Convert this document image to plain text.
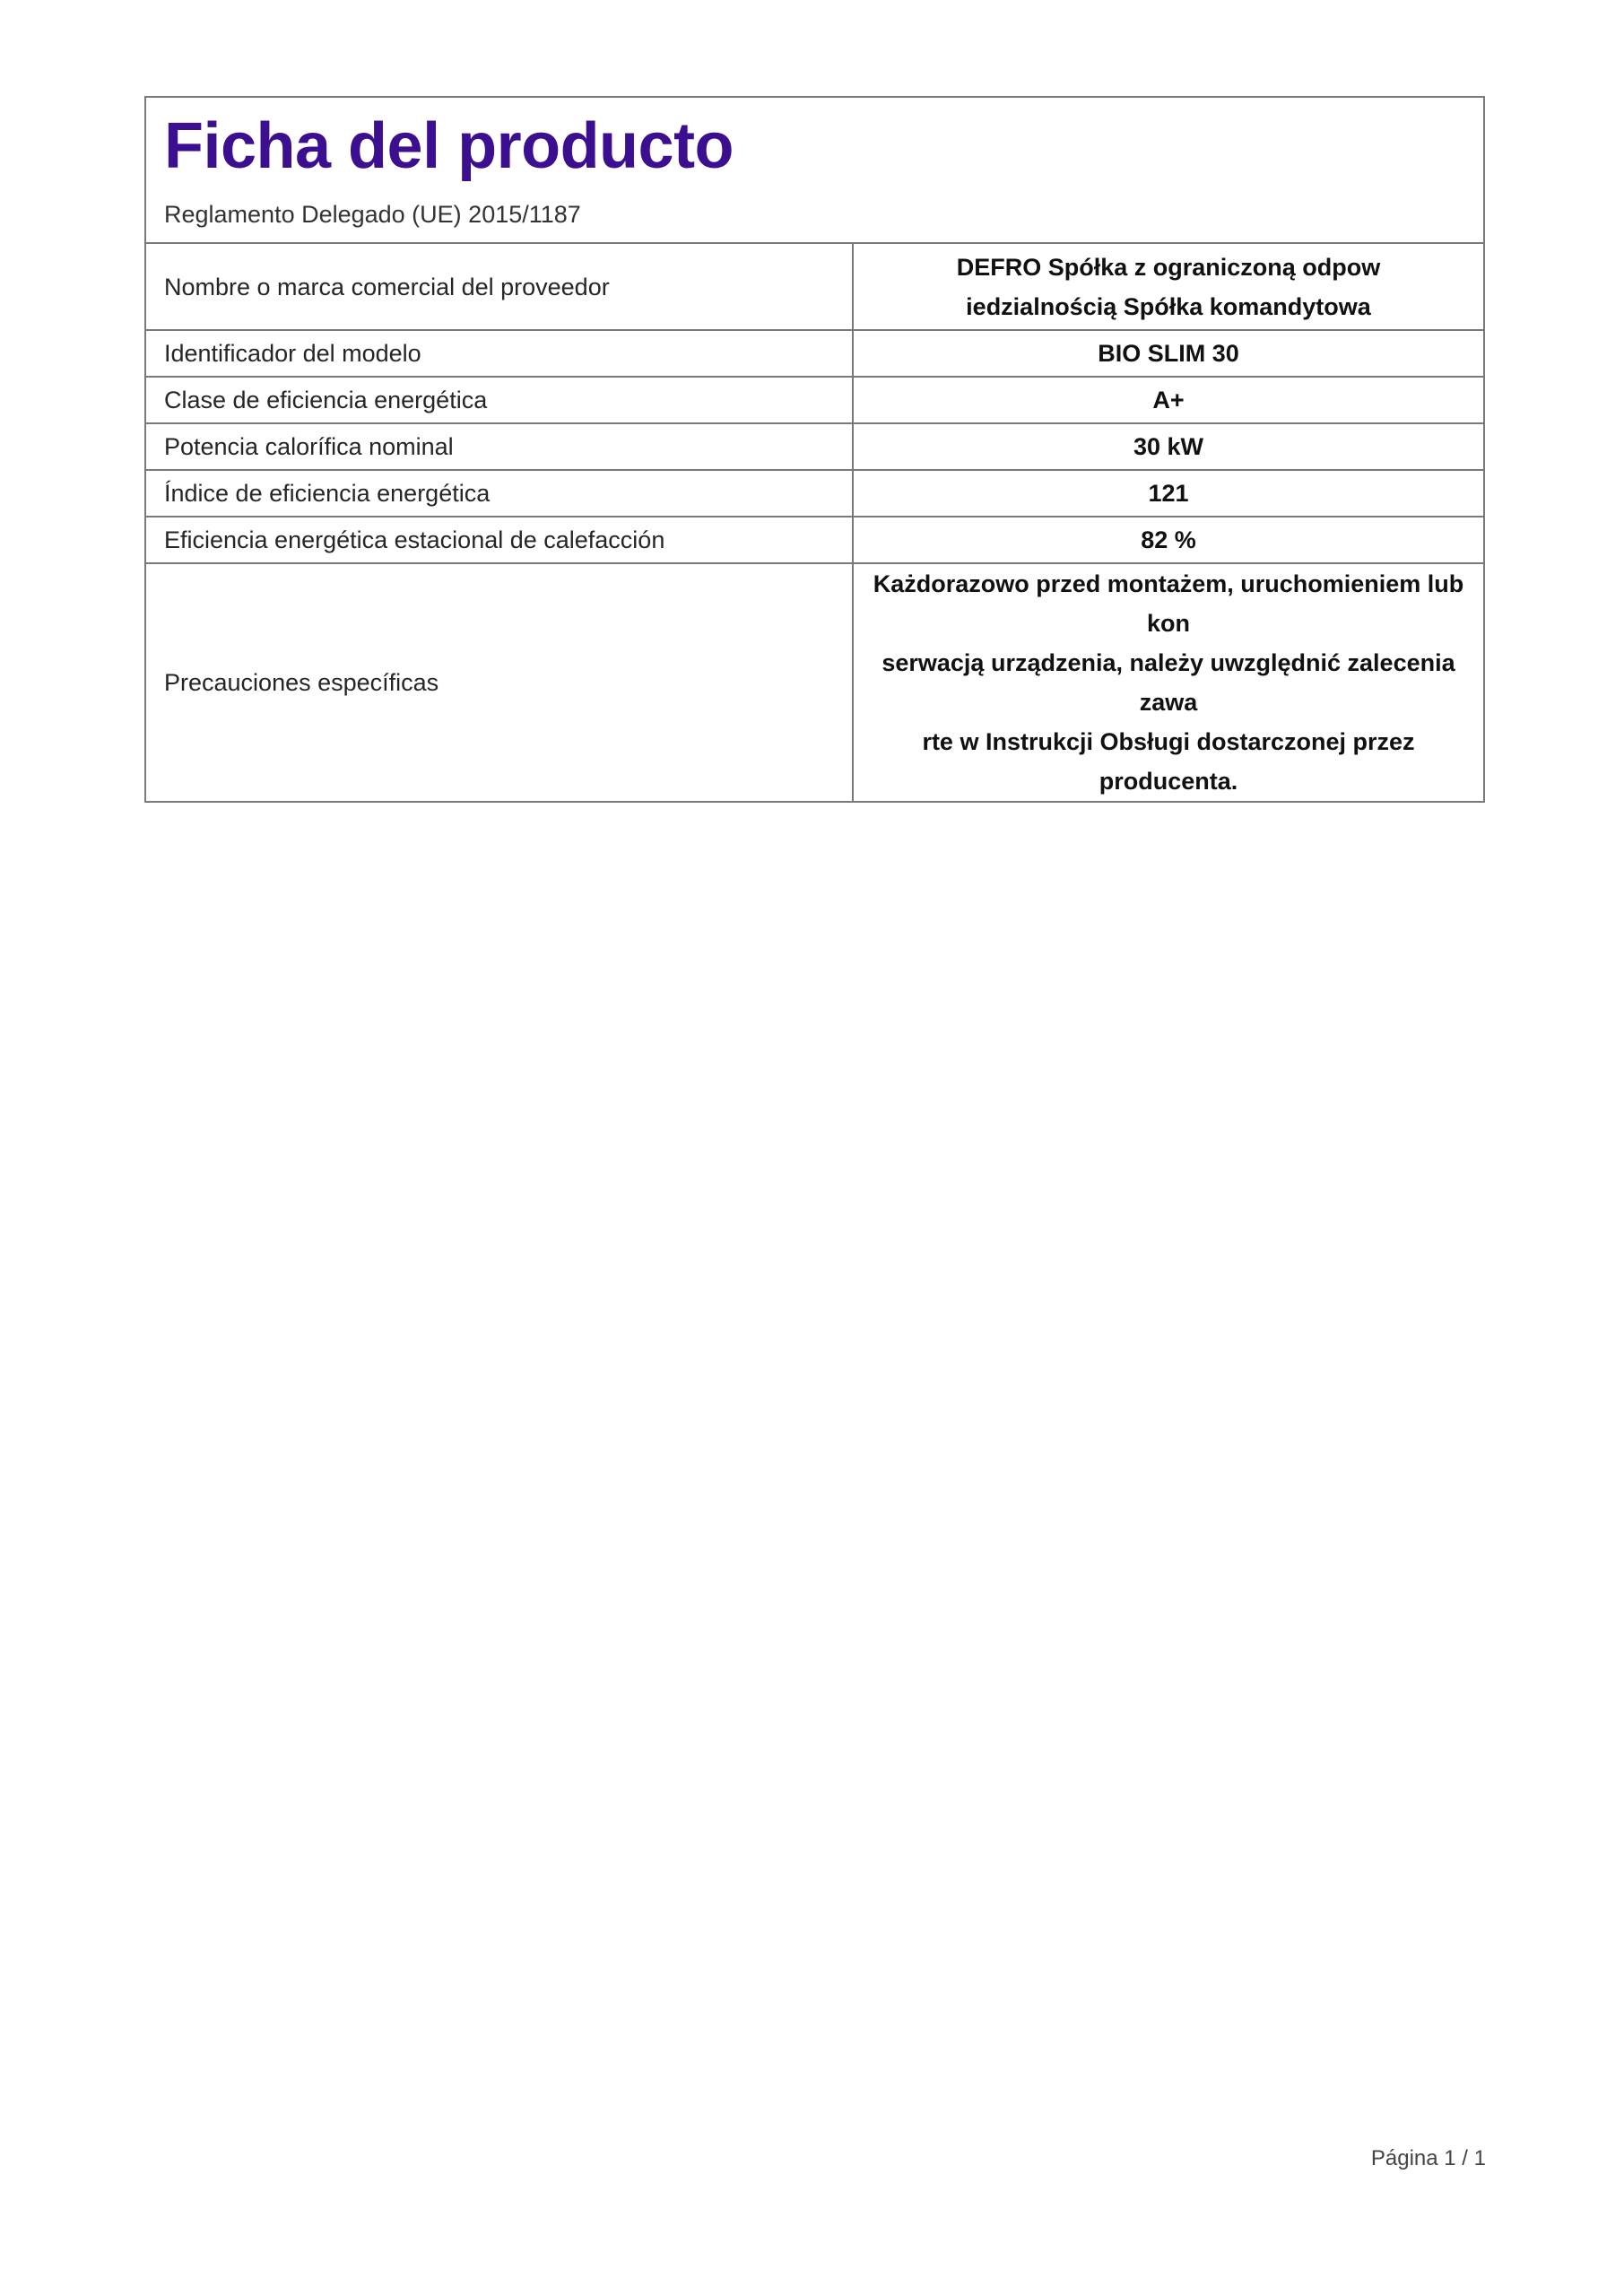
Ficha del producto
Reglamento Delegado (UE) 2015/1187
Nombre o marca comercial del proveedor	DEFRO Spółka z ograniczoną odpow
iedzialnością Spółka komandytowa
Identificador del modelo	BIO SLIM 30
Clase de eficiencia energética	A+
Potencia calorífica nominal	30 kW
Índice de eficiencia energética	121
Eficiencia energética estacional de calefacción	82 %
Precauciones específicas	Każdorazowo przed montażem, uruchomieniem lub kon
serwacją urządzenia, należy uwzględnić zalecenia zawa
rte w Instrukcji Obsługi dostarczonej przez producenta.
Página 1 / 1
